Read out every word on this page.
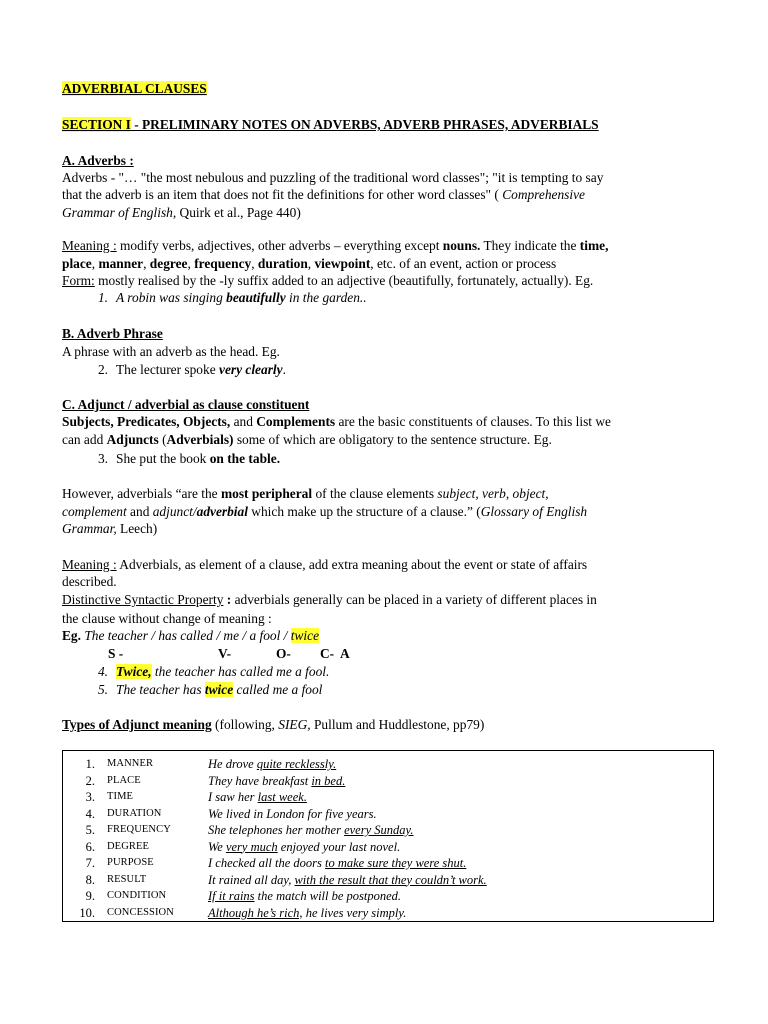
ADVERBIAL CLAUSES
SECTION I - PRELIMINARY NOTES ON ADVERBS, ADVERB PHRASES, ADVERBIALS
A. Adverbs :
Adverbs - "… "the most nebulous and puzzling of the traditional word classes"; "it is tempting to say
that the adverb is an item that does not fit the definitions for other word classes" ( Comprehensive
Grammar of English, Quirk et al., Page 440)
Meaning : modify verbs, adjectives, other adverbs – everything except nouns. They indicate the time,
place, manner, degree, frequency, duration, viewpoint, etc. of an event, action or process
Form: mostly realised by the -ly suffix added to an adjective (beautifully, fortunately, actually). Eg.
1. A robin was singing beautifully in the garden..
B. Adverb Phrase
A phrase with an adverb as the head. Eg.
2. The lecturer spoke very clearly.
C. Adjunct / adverbial as clause constituent
Subjects, Predicates, Objects, and Complements are the basic constituents of clauses. To this list we
can add Adjuncts (Adverbials) some of which are obligatory to the sentence structure. Eg.
3. She put the book on the table.
However, adverbials “are the most peripheral of the clause elements subject, verb, object,
complement and adjunct/adverbial which make up the structure of a clause.” (Glossary of English
Grammar, Leech)
Meaning : Adverbials, as element of a clause, add extra meaning about the event or state of affairs
described.
Distinctive Syntactic Property : adverbials generally can be placed in a variety of different places in
the clause without change of meaning :
Eg. The teacher / has called / me / a fool / twice
S -	V-	O- C- A
4. Twice, the teacher has called me a fool.
5. The teacher has twice called me a fool
Types of Adjunct meaning (following, SIEG, Pullum and Huddlestone, pp79)
1. MANNER	He drove quite recklessly.
2. PLACE	They have breakfast in bed.
3. TIME	I saw her last week.
4. DURATION	We lived in London for five years.
5. FREQUENCY	She telephones her mother every Sunday.
6. DEGREE	We very much enjoyed your last novel.
7. PURPOSE	I checked all the doors to make sure they were shut.
8. RESULT	It rained all day, with the result that they couldn’t work.
9. CONDITION	If it rains the match will be postponed.
10. CONCESSION	Although he’s rich, he lives very simply.
